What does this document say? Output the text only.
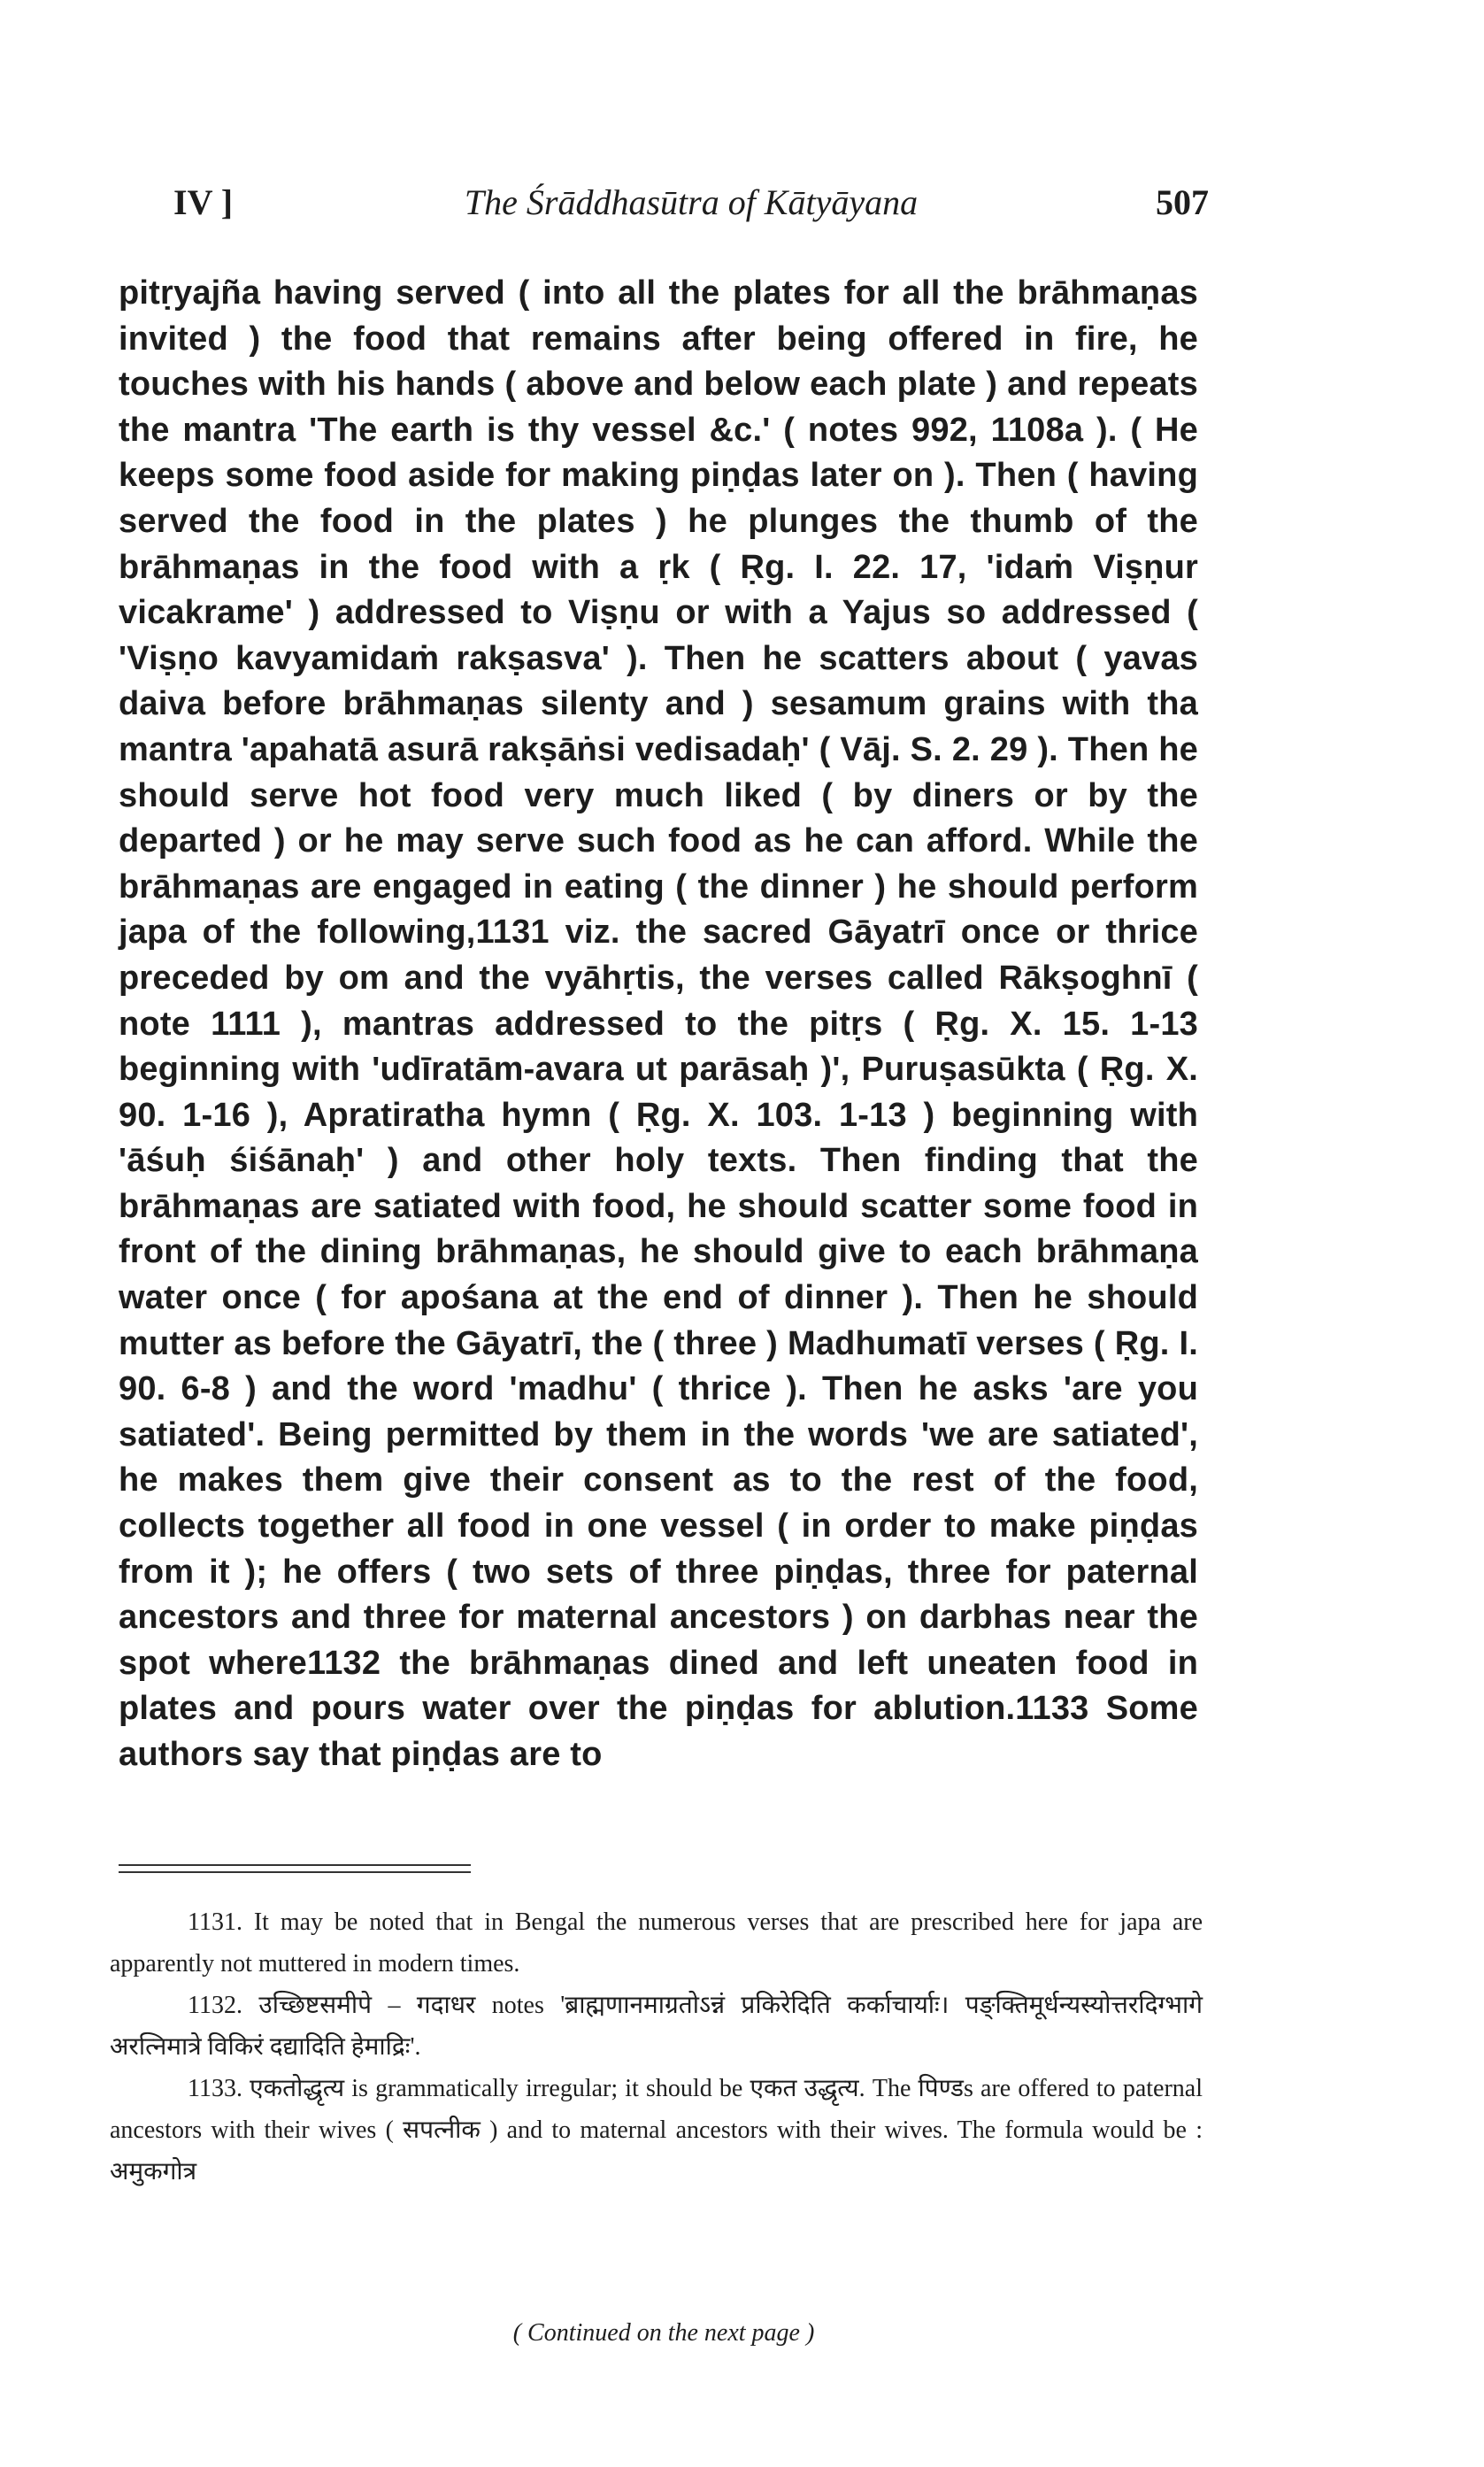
IV ]	The Śrāddhasūtra of Kātyāyana	507

pitṛyajña having served ( into all the plates for all the brāhmaṇas invited ) the food that remains after being offered in fire, he touches with his hands ( above and below each plate ) and repeats the mantra 'The earth is thy vessel &c.' ( notes 992, 1108a ). ( He keeps some food aside for making piṇḍas later on ). Then ( having served the food in the plates ) he plunges the thumb of the brāhmaṇas in the food with a ṛk ( Ṛg. I. 22. 17, 'idaṁ Viṣṇur vicakrame' ) addressed to Viṣṇu or with a Yajus so addressed ( 'Viṣṇo kavyamidaṁ rakṣasva' ). Then he scatters about ( yavas daiva before brāhmaṇas silenty and ) sesamum grains with tha mantra 'apahatā asurā rakṣāṅsi vedisadaḥ' ( Vāj. S. 2. 29 ). Then he should serve hot food very much liked ( by diners or by the departed ) or he may serve such food as he can afford. While the brāhmaṇas are engaged in eating ( the dinner ) he should perform japa of the following,1131 viz. the sacred Gāyatrī once or thrice preceded by om and the vyāhṛtis, the verses called Rākṣoghnī ( note 1111 ), mantras addressed to the pitṛs ( Ṛg. X. 15. 1-13 beginning with 'udīratām-avara ut parāsaḥ )', Puruṣasūkta ( Ṛg. X. 90. 1-16 ), Apratiratha hymn ( Ṛg. X. 103. 1-13 ) beginning with 'āśuḥ śiśānaḥ' ) and other holy texts. Then finding that the brāhmaṇas are satiated with food, he should scatter some food in front of the dining brāhmaṇas, he should give to each brāhmaṇa water once ( for apośana at the end of dinner ). Then he should mutter as before the Gāyatrī, the ( three ) Madhumatī verses ( Ṛg. I. 90. 6-8 ) and the word 'madhu' ( thrice ). Then he asks 'are you satiated'. Being permitted by them in the words 'we are satiated', he makes them give their consent as to the rest of the food, collects together all food in one vessel ( in order to make piṇḍas from it ); he offers ( two sets of three piṇḍas, three for paternal ancestors and three for maternal ancestors ) on darbhas near the spot where1132 the brāhmaṇas dined and left uneaten food in plates and pours water over the piṇḍas for ablution.1133 Some authors say that piṇḍas are to

1131. It may be noted that in Bengal the numerous verses that are prescribed here for japa are apparently not muttered in modern times.

1132. उच्छिष्टसमीपे – गदाधर notes 'ब्राह्मणानमाग्रतोऽन्नं प्रकिरेदिति कर्काचार्याः। पङ्क्तिमूर्धन्यस्योत्तरदिग्भागे अरत्निमात्रे विकिरं दद्यादिति हेमाद्रिः'.

1133. एकतोद्धृत्य is grammatically irregular; it should be एकत उद्धृत्य. The पिण्डs are offered to paternal ancestors with their wives ( सपत्नीक ) and to maternal ancestors with their wives. The formula would be : अमुकगोत्र

( Continued on the next page )
